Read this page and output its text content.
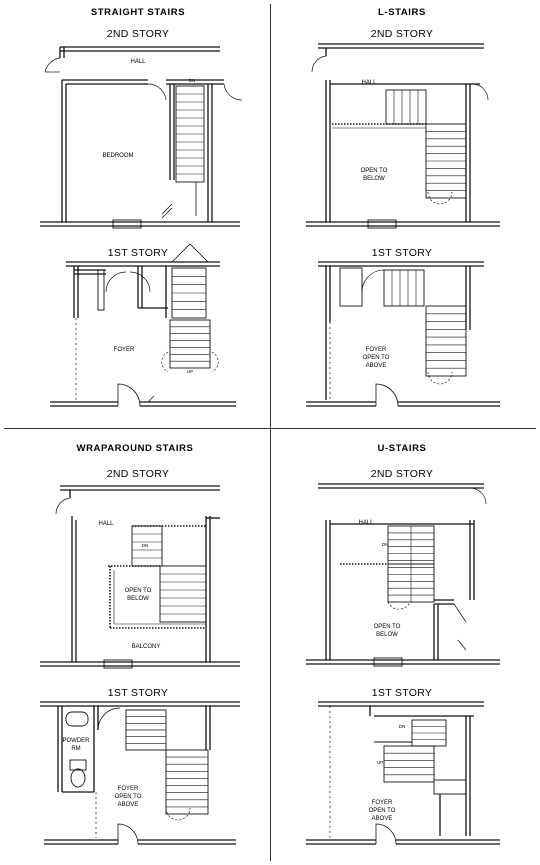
STRAIGHT STAIRS	L-STAIRS
WRAPAROUND STAIRS	U-STAIRS
2ND STORY
1ST STORY
2ND STORY
1ST STORY
2ND STORY
1ST STORY
2ND STORY
1ST STORY
HALL
BEDROOM
DN
FOYER
UP
HALL
OPEN TO
BELOW
FOYER
OPEN TO
ABOVE
HALL
OPEN TO
BELOW
BALCONY
DN
POWDER
RM
FOYER
OPEN TO
ABOVE
HALL
OPEN TO
BELOW
DN
FOYER
OPEN TO
ABOVE
UP
DN
